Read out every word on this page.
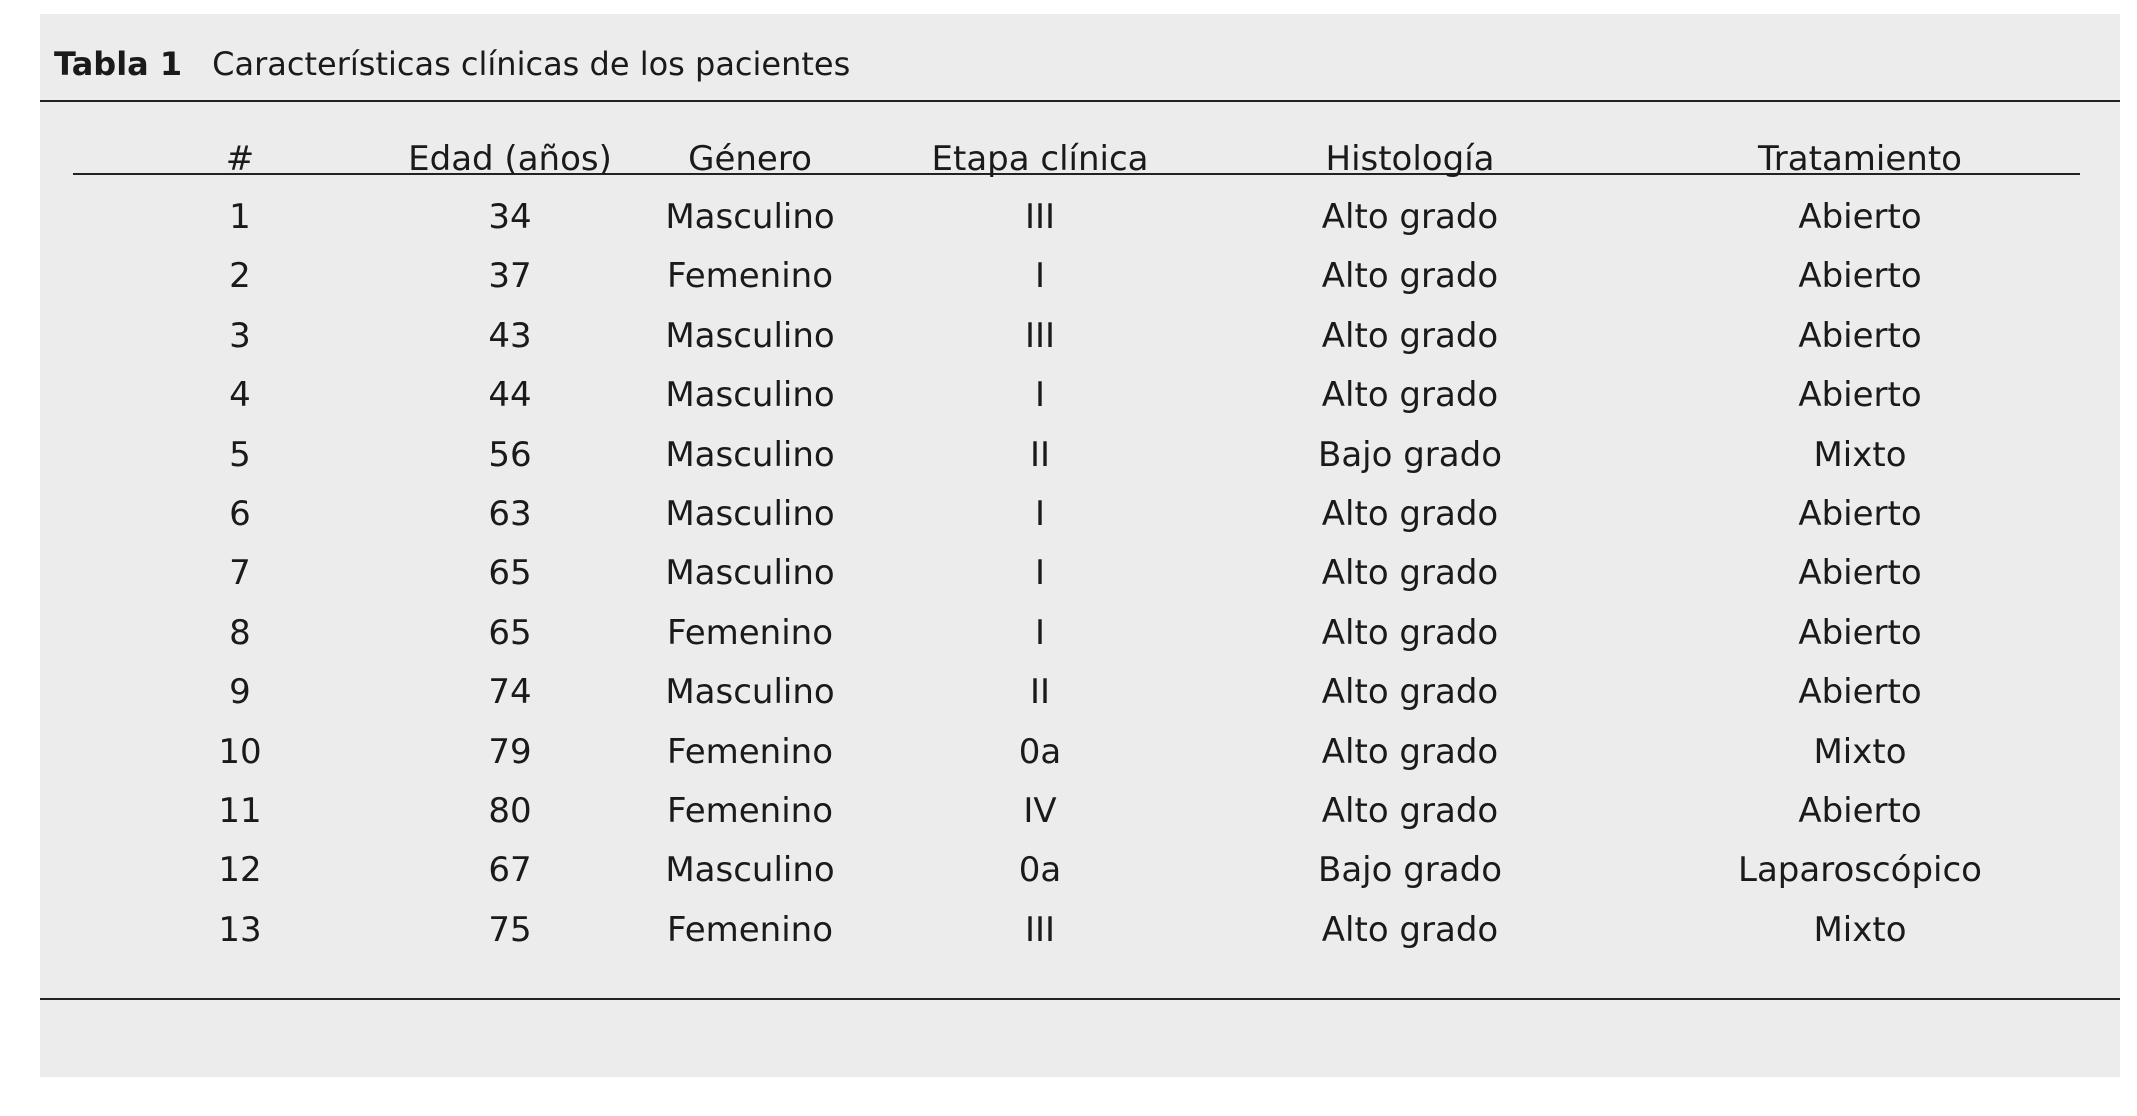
Tabla 1 Características clínicas de los pacientes
#	Edad (años)	Género	Etapa clínica	Histología	Tratamiento
1	34	Masculino	III	Alto grado	Abierto
2	37	Femenino	I	Alto grado	Abierto
3	43	Masculino	III	Alto grado	Abierto
4	44	Masculino	I	Alto grado	Abierto
5	56	Masculino	II	Bajo grado	Mixto
6	63	Masculino	I	Alto grado	Abierto
7	65	Masculino	I	Alto grado	Abierto
8	65	Femenino	I	Alto grado	Abierto
9	74	Masculino	II	Alto grado	Abierto
10	79	Femenino	0a	Alto grado	Mixto
11	80	Femenino	IV	Alto grado	Abierto
12	67	Masculino	0a	Bajo grado	Laparoscópico
13	75	Femenino	III	Alto grado	Mixto
